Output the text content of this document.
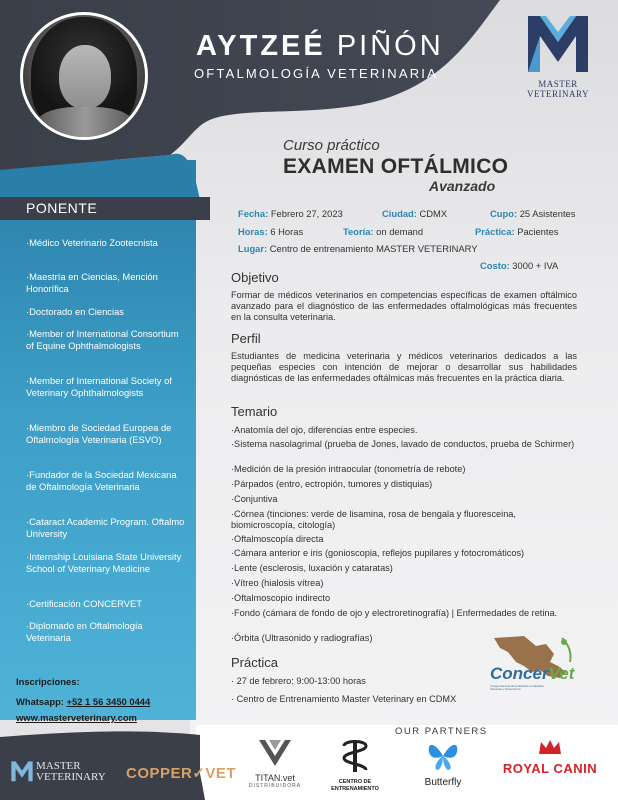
AYTZEÉ PIÑÓN
OFTALMOLOGÍA VETERINARIA
MASTER
VETERINARY
Curso práctico
EXAMEN OFTÁLMICO
Avanzado
PONENTE
·Médico Veterinario Zootecnista
·Maestría en Ciencias, Mención Honorífica
·Doctorado en Ciencias
·Member of International Consortium of Equine Ophthalmologists
·Member of International Society of Veterinary Ophthalmologists
·Miembro de Sociedad Europea de Oftalmología Veterinaria (ESVO)
·Fundador de la Sociedad Mexicana de Oftalmología Veterinaria
·Cataract Academic Program. Oftalmo University
·Internship Louisiana State University School of Veterinary Medicine
·Certificación CONCERVET
·Diplomado en Oftalmología Veterinaria
Fecha: Febrero 27, 2023	Ciudad: CDMX	Cupo: 25 Asistentes
Horas: 6 Horas	Teoría: on demand	Práctica: Pacientes
Lugar: Centro de entrenamiento MASTER VETERINARY
Costo: 3000 + IVA
Objetivo
Formar de médicos veterinarios en competencias específicas de examen oftálmico avanzado para el diagnóstico de las enfermedades oftalmológicas más frecuentes en la consulta veterinaria.
Perfil
Estudiantes de medicina veterinaria y médicos veterinarios dedicados a las pequeñas especies con intención de mejorar o desarrollar sus habilidades diagnósticas de las enfermedades oftálmicas más frecuentes en la práctica diaria.
Temario
·Anatomía del ojo, diferencias entre especies.
·Sistema nasolagrimal (prueba de Jones, lavado de conductos, prueba de Schirmer)
·Medición de la presión intraocular (tonometría de rebote)
·Párpados (entro, ectropión, tumores y distiquias)
·Conjuntiva
·Córnea (tinciones: verde de lisamina, rosa de bengala y fluoresceina, biomicroscopía, citología)
·Oftalmoscopía directa
·Cámara anterior e iris (gonioscopia, reflejos pupilares y fotocromáticos)
·Lente (esclerosis, luxación y cataratas)
·Vítreo (hialosis vítrea)
·Oftalmoscopio indirecto
·Fondo (cámara de fondo de ojo y electroretinografía) | Enfermedades de retina.
·Órbita (Ultrasonido y radiografías)
Práctica
· 27 de febrero: 9:00-13:00 horas
· Centro de Entrenamiento Master Veterinary en CDMX
ConcerVet
Consejo Nacional de Certificación en Medicina Veterinaria y Zootecnia AC
Inscripciones:
Whatsapp: +52 1 56 3450 0444
www.masterveterinary.com
OUR PARTNERS
MASTER
VETERINARY COPPER✓VET	TITAN.vet
DISTRIBUIDORA
CENTRO DE
ENTRENAMIENTO
Butterfly
ROYAL CANIN
